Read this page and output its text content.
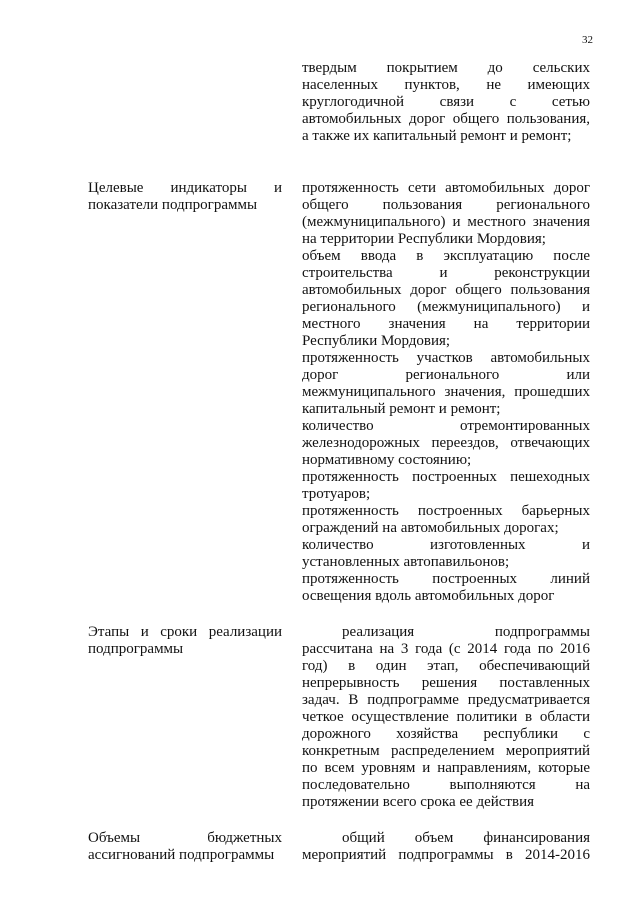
32
твердым покрытием до сельских
населенных пунктов, не имеющих
круглогодичной связи с сетью
автомобильных дорог общего пользования,
а также их капитальный ремонт и ремонт;
Целевые индикаторы и
показатели подпрограммы
протяженность сети автомобильных дорог
общего пользования регионального
(межмуниципального) и местного значения
на территории Республики Мордовия;
объем ввода в эксплуатацию после
строительства и реконструкции
автомобильных дорог общего пользования
регионального (межмуниципального) и
местного значения на территории
Республики Мордовия;
протяженность участков автомобильных
дорог регионального или
межмуниципального значения, прошедших
капитальный ремонт и ремонт;
количество отремонтированных
железнодорожных переездов, отвечающих
нормативному состоянию;
протяженность построенных пешеходных
тротуаров;
протяженность построенных барьерных
ограждений на автомобильных дорогах;
количество изготовленных и
установленных автопавильонов;
протяженность построенных линий
освещения вдоль автомобильных дорог
Этапы и сроки реализации
подпрограммы
реализация подпрограммы
рассчитана на 3 года (с 2014 года по 2016
год) в один этап, обеспечивающий
непрерывность решения поставленных
задач. В подпрограмме предусматривается
четкое осуществление политики в области
дорожного хозяйства республики с
конкретным распределением мероприятий
по всем уровням и направлениям, которые
последовательно выполняются на
протяжении всего срока ее действия
Объемы бюджетных
ассигнований подпрограммы
общий объем финансирования
мероприятий подпрограммы в 2014-2016
